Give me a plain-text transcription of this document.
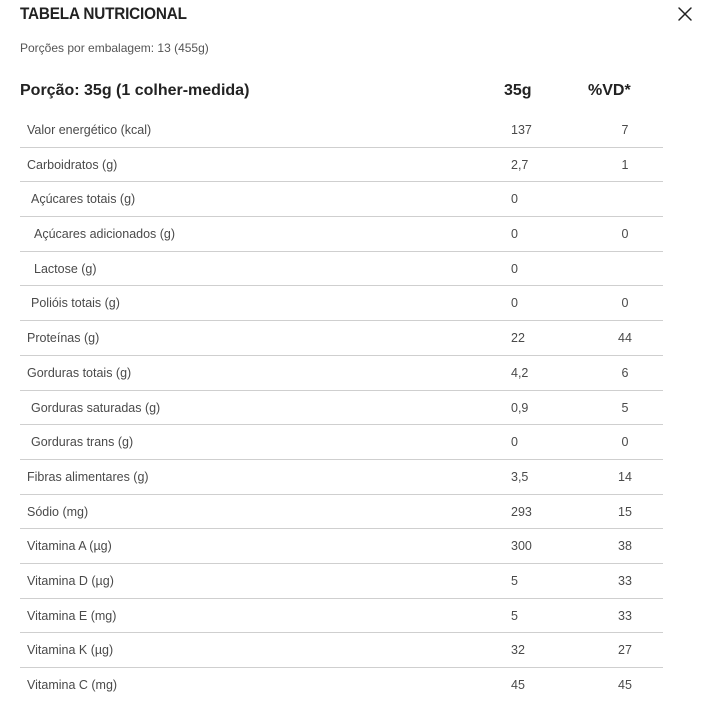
TABELA NUTRICIONAL
Porções por embalagem: 13 (455g)
Porção: 35g (1 colher-medida)	35g	%VD*
Valor energético (kcal)	137	7
Carboidratos (g)	2,7	1
Açúcares totais (g)	0
Açúcares adicionados (g)	0	0
Lactose (g)	0
Polióis totais (g)	0	0
Proteínas (g)	22	44
Gorduras totais (g)	4,2	6
Gorduras saturadas (g)	0,9	5
Gorduras trans (g)	0	0
Fibras alimentares (g)	3,5	14
Sódio (mg)	293	15
Vitamina A (µg)	300	38
Vitamina D (µg)	5	33
Vitamina E (mg)	5	33
Vitamina K (µg)	32	27
Vitamina C (mg)	45	45
